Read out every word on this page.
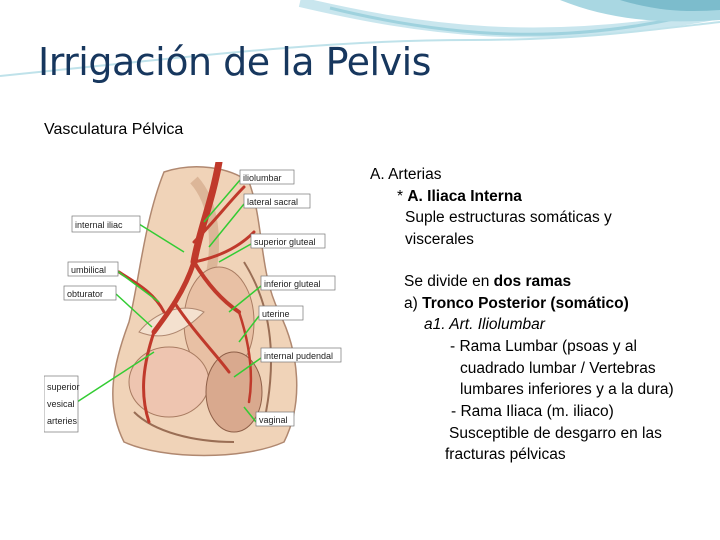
Irrigación de la Pelvis
Vasculatura Pélvica
iliolumbar
lateral sacral
internal iliac
superior gluteal
umbilical
obturator
inferior gluteal
uterine
internal pudendal
superior
vesical
arteries	vaginal
A. Arterias
* A. Iliaca Interna
Suple estructuras somáticas y
viscerales
Se divide en dos ramas
a) Tronco Posterior (somático)
a1. Art. Iliolumbar
- Rama Lumbar (psoas y al
cuadrado lumbar / Vertebras
lumbares inferiores y a la dura)
- Rama Iliaca (m. iliaco)
Susceptible de desgarro en las
fracturas pélvicas
